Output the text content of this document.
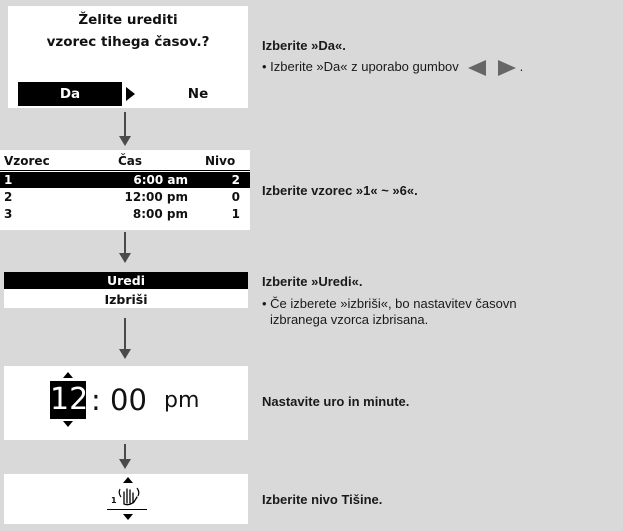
Želite urediti
vzorec tihega časov.?
Da	Ne
Vzorec	Čas	Nivo
1	6:00 am	2
2	12:00 pm	0
3	8:00 pm	1
Uredi
Izbriši
12 : 00 pm
1
Izberite »Da«.
• Izberite »Da« z uporabo gumbov	.
Izberite vzorec »1« ~ »6«.
Izberite »Uredi«.
• Če izberete »izbriši«, bo nastavitev časovn
izbranega vzorca izbrisana.
Nastavite uro in minute.
Izberite nivo Tišine.
